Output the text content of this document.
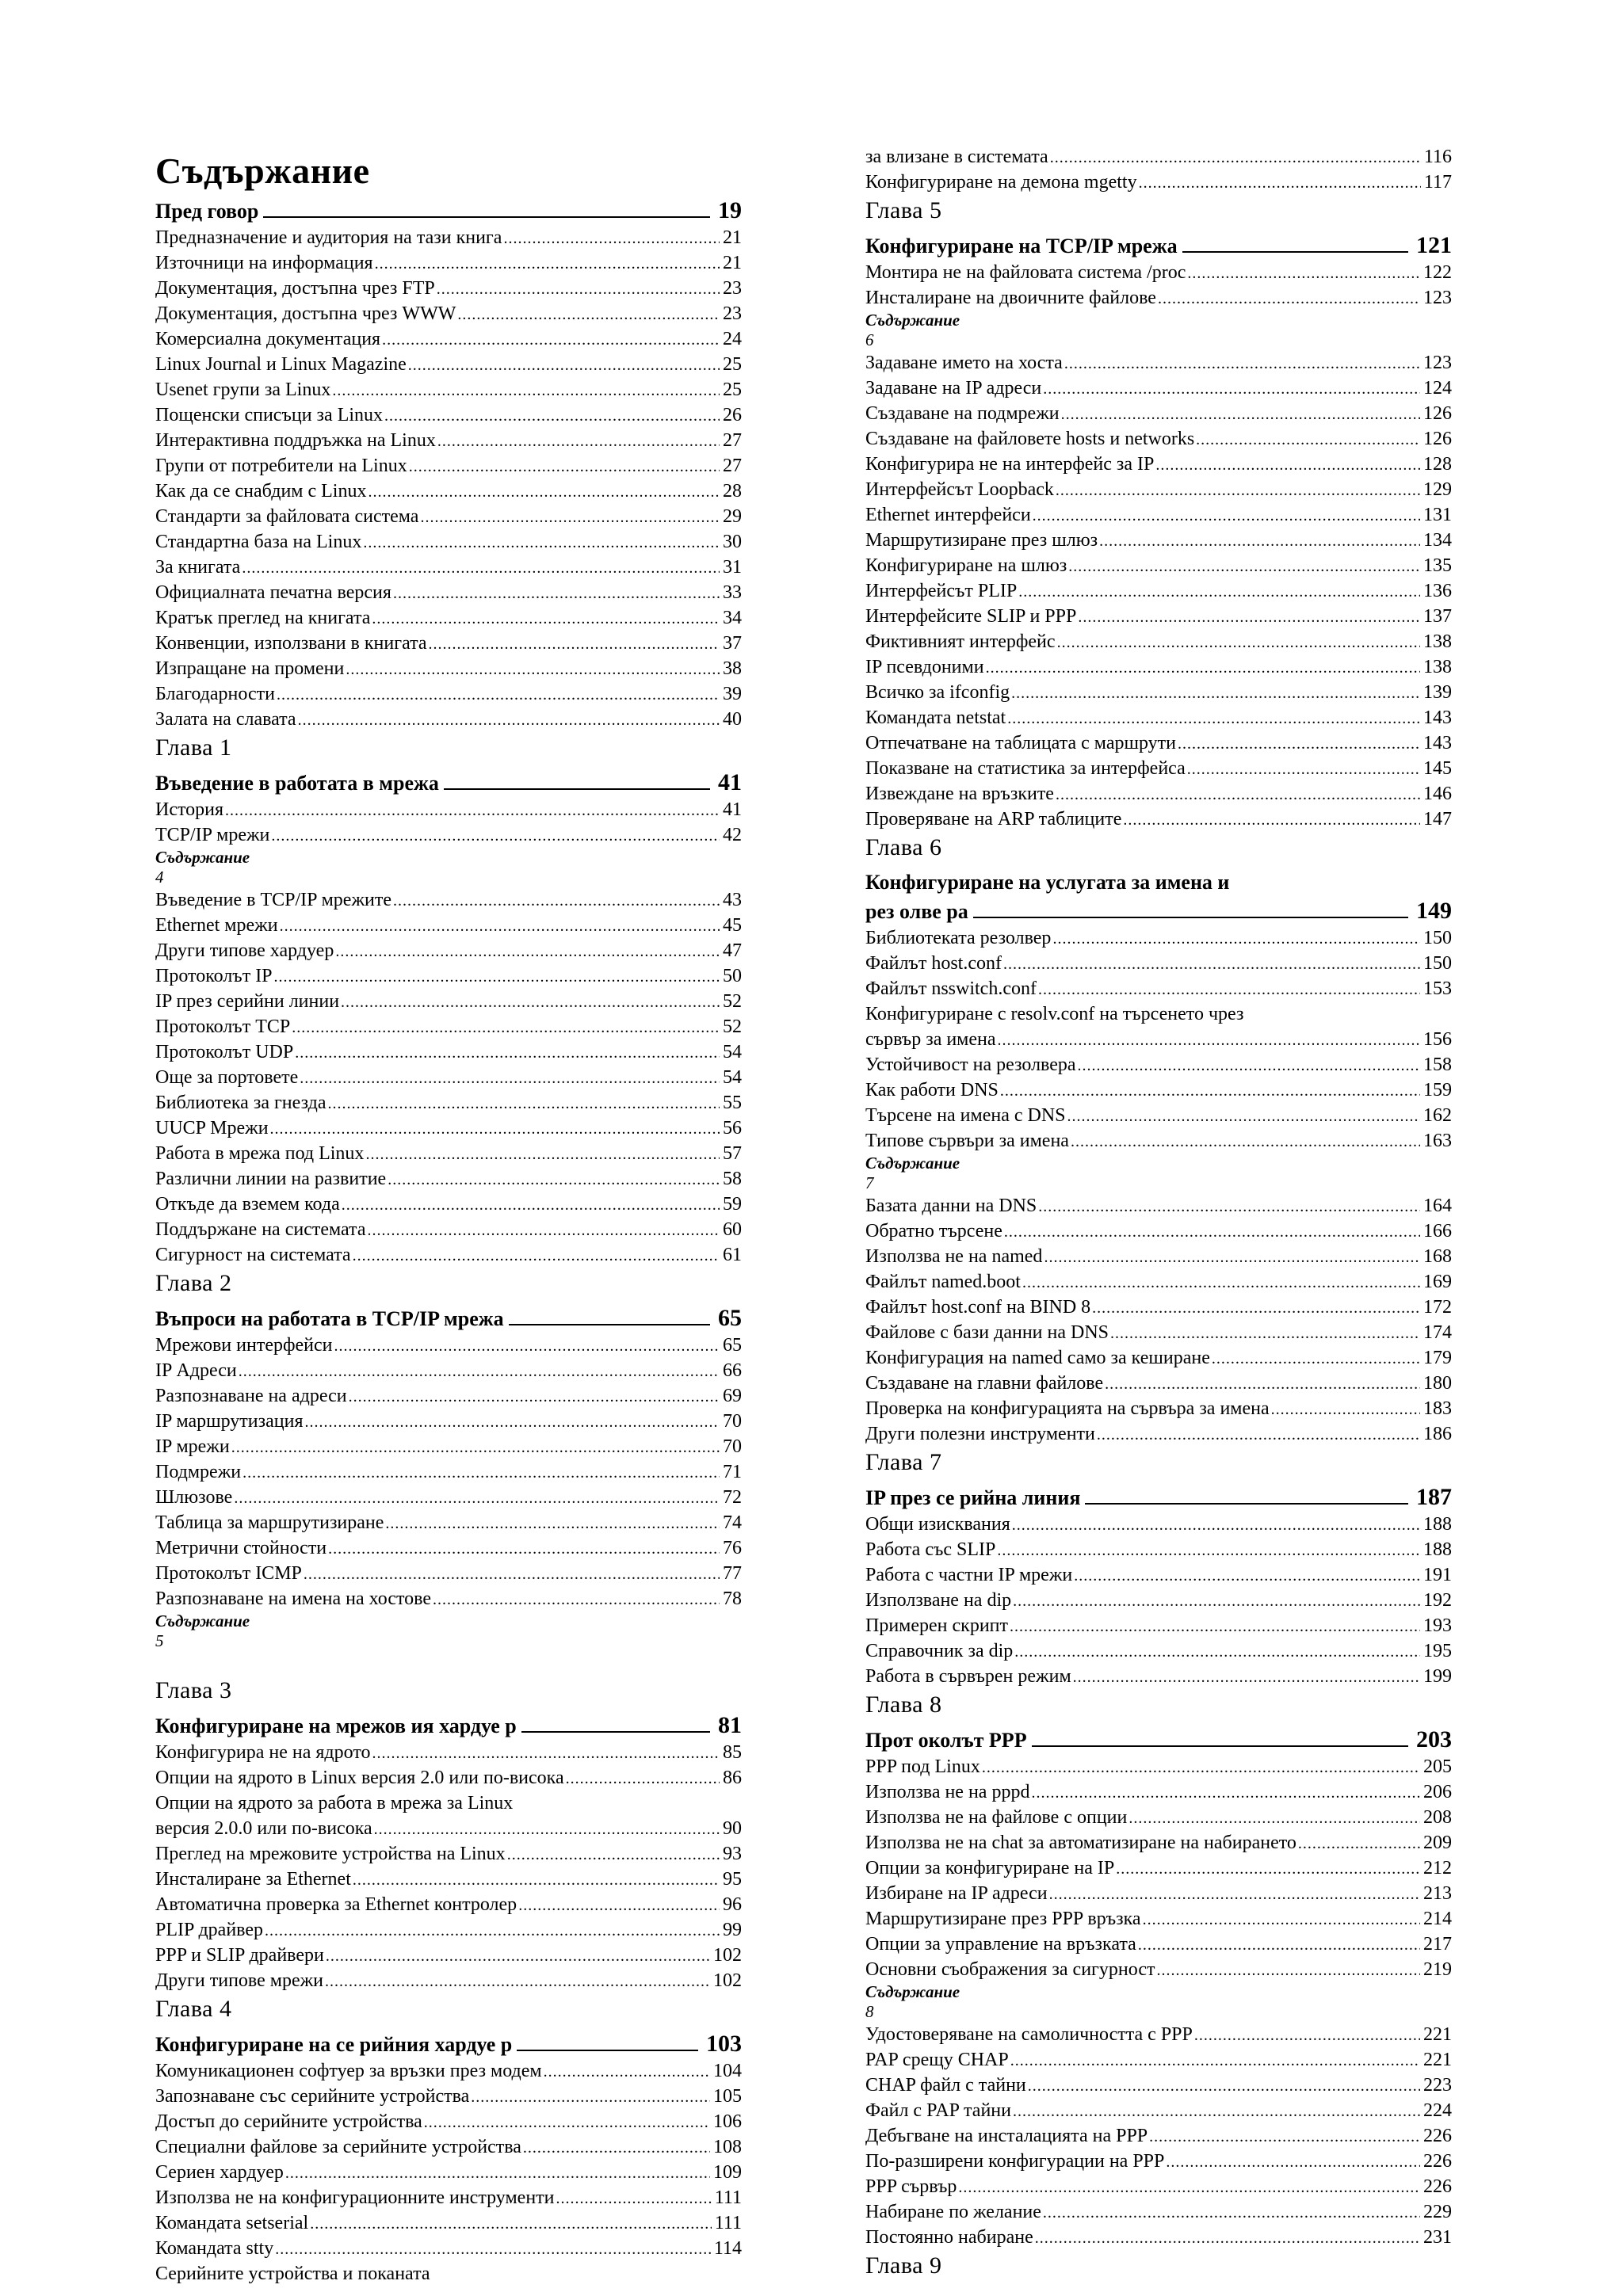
Съдържание
Пред говор	19
Предназначение и аудитория на тази книга .....	21
Източници на информация .....	21
Документация, достъпна чрез FTP .....	23
Документация, достъпна чрез WWW .....	23
Комерсиална документация .....	24
Linux Journal и Linux Magazine .....	25
Usenet групи за Linux .....	25
Пощенски списъци за Linux .....	26
Интерактивна поддръжка на Linux .....	27
Групи от потребители на Linux .....	27
Как да се снабдим с Linux .....	28
Стандарти за файловата система .....	29
Стандартна база на Linux .....	30
За книгата .....	31
Официалната печатна версия .....	33
Кратък преглед на книгата .....	34
Конвенции, използвани в книгата .....	37
Изпращане на промени .....	38
Благодарности .....	39
Залата на славата .....	40
Глава 1
Въведение в работата в мрежа	41
История .....	41
TCP/IP мрежи .....	42
Съдържание
4
Въведение в TCP/IP мрежите .....	43
Ethernet мрежи .....	45
Други типове хардуер .....	47
Протоколът IP .....	50
IP през серийни линии .....	52
Протоколът TCP .....	52
Протоколът UDP .....	54
Още за портовете .....	54
Библиотека за гнезда .....	55
UUCP Мрежи .....	56
Работа в мрежа под Linux .....	57
Различни линии на развитие .....	58
Откъде да вземем кода .....	59
Поддържане на системата .....	60
Сигурност на системата .....	61
Глава 2
Въпроси на работата в TCP/IP мрежа	65
Мрежови интерфейси .....	65
IP Адреси .....	66
Разпознаване на адреси .....	69
IP маршрутизация .....	70
IP мрежи .....	70
Подмрежи .....	71
Шлюзове .....	72
Таблица за маршрутизиране .....	74
Метрични стойности .....	76
Протоколът ICMP .....	77
Разпознаване на имена на хостове .....	78
Съдържание
5
Глава 3
Конфигуриране на мрежов ия хардуе р	81
Конфигурира не на ядрото .....	85
Опции на ядрото в Linux версия 2.0 или по-висока .....	86
Опции на ядрото за работа в мрежа за Linux
версия 2.0.0 или по-висока .....	90
Преглед на мрежовите устройства на Linux .....	93
Инсталиране за Ethernet .....	95
Автоматична проверка за Ethernet контролер .....	96
PLIP драйвер .....	99
PPP и SLIP драйвери .....	102
Други типове мрежи .....	102
Глава 4
Конфигуриране на се рийния хардуе р	103
Комуникационен софтуер за връзки през модем .....	104
Запознаване със серийните устройства .....	105
Достъп до серийните устройства .....	106
Специални файлове за серийните устройства .....	108
Сериен хардуер .....	109
Използва не на конфигурационните инструменти .....	111
Командата setserial .....	111
Командата stty .....	114
Серийните устройства и поканата
за влизане в системата .....	116
Конфигуриране на демона mgetty .....	117
Глава 5
Конфигуриране на TCP/IP мрежа	121
Монтира не на файловата система /proc .....	122
Инсталиране на двоичните файлове .....	123
Съдържание
6
Задаване името на хоста .....	123
Задаване на IP адреси .....	124
Създаване на подмрежи .....	126
Създаване на файловете hosts и networks .....	126
Конфигурира не на интерфейс за IP .....	128
Интерфейсът Loopback .....	129
Ethernet интерфейси .....	131
Маршрутизиране през шлюз .....	134
Конфигуриране на шлюз .....	135
Интерфейсът PLIP .....	136
Интерфейсите SLIP и PPP .....	137
Фиктивният интерфейс .....	138
IP псевдоними .....	138
Всичко за ifconfig .....	139
Командата netstat .....	143
Отпечатване на таблицата с маршрути .....	143
Показване на статистика за интерфейса .....	145
Извеждане на връзките .....	146
Проверяване на ARP таблиците .....	147
Глава 6
Конфигуриране на услугата за имена и
рез олве ра	149
Библиотеката резолвер .....	150
Файлът host.conf .....	150
Файлът nsswitch.conf .....	153
Конфигуриране с resolv.conf на търсенето чрез
сървър за имена .....	156
Устойчивост на резолвера .....	158
Как работи DNS .....	159
Търсене на имена с DNS .....	162
Типове сървъри за имена .....	163
Съдържание
7
Базата данни на DNS .....	164
Обратно търсене .....	166
Използва не на named .....	168
Файлът named.boot .....	169
Файлът host.conf на BIND 8 .....	172
Файлове с бази данни на DNS .....	174
Конфигурация на named само за кеширане .....	179
Създаване на главни файлове .....	180
Проверка на конфигурацията на сървъра за имена .....	183
Други полезни инструменти .....	186
Глава 7
IP през се рийна линия	187
Общи изисквания .....	188
Работа със SLIP .....	188
Работа с частни IP мрежи .....	191
Използване на dip .....	192
Примерен скрипт .....	193
Справочник за dip .....	195
Работа в сървърен режим .....	199
Глава 8
Прот околът PPP	203
PPP под Linux .....	205
Използва не на pppd .....	206
Използва не на файлове с опции .....	208
Използва не на chat за автоматизиране на набирането .....	209
Опции за конфигуриране на IP .....	212
Избиране на IP адреси .....	213
Маршрутизиране през PPP връзка .....	214
Опции за управление на връзката .....	217
Основни съображения за сигурност .....	219
Съдържание
8
Удостоверяване на самоличността с PPP .....	221
PAP срещу CHAP .....	221
CHAP файл с тайни .....	223
Файл с PAP тайни .....	224
Дебъгване на инсталацията на PPP .....	226
По-разширени конфигурации на PPP .....	226
PPP сървър .....	226
Набиране по желание .....	229
Постоянно набиране .....	231
Глава 9
